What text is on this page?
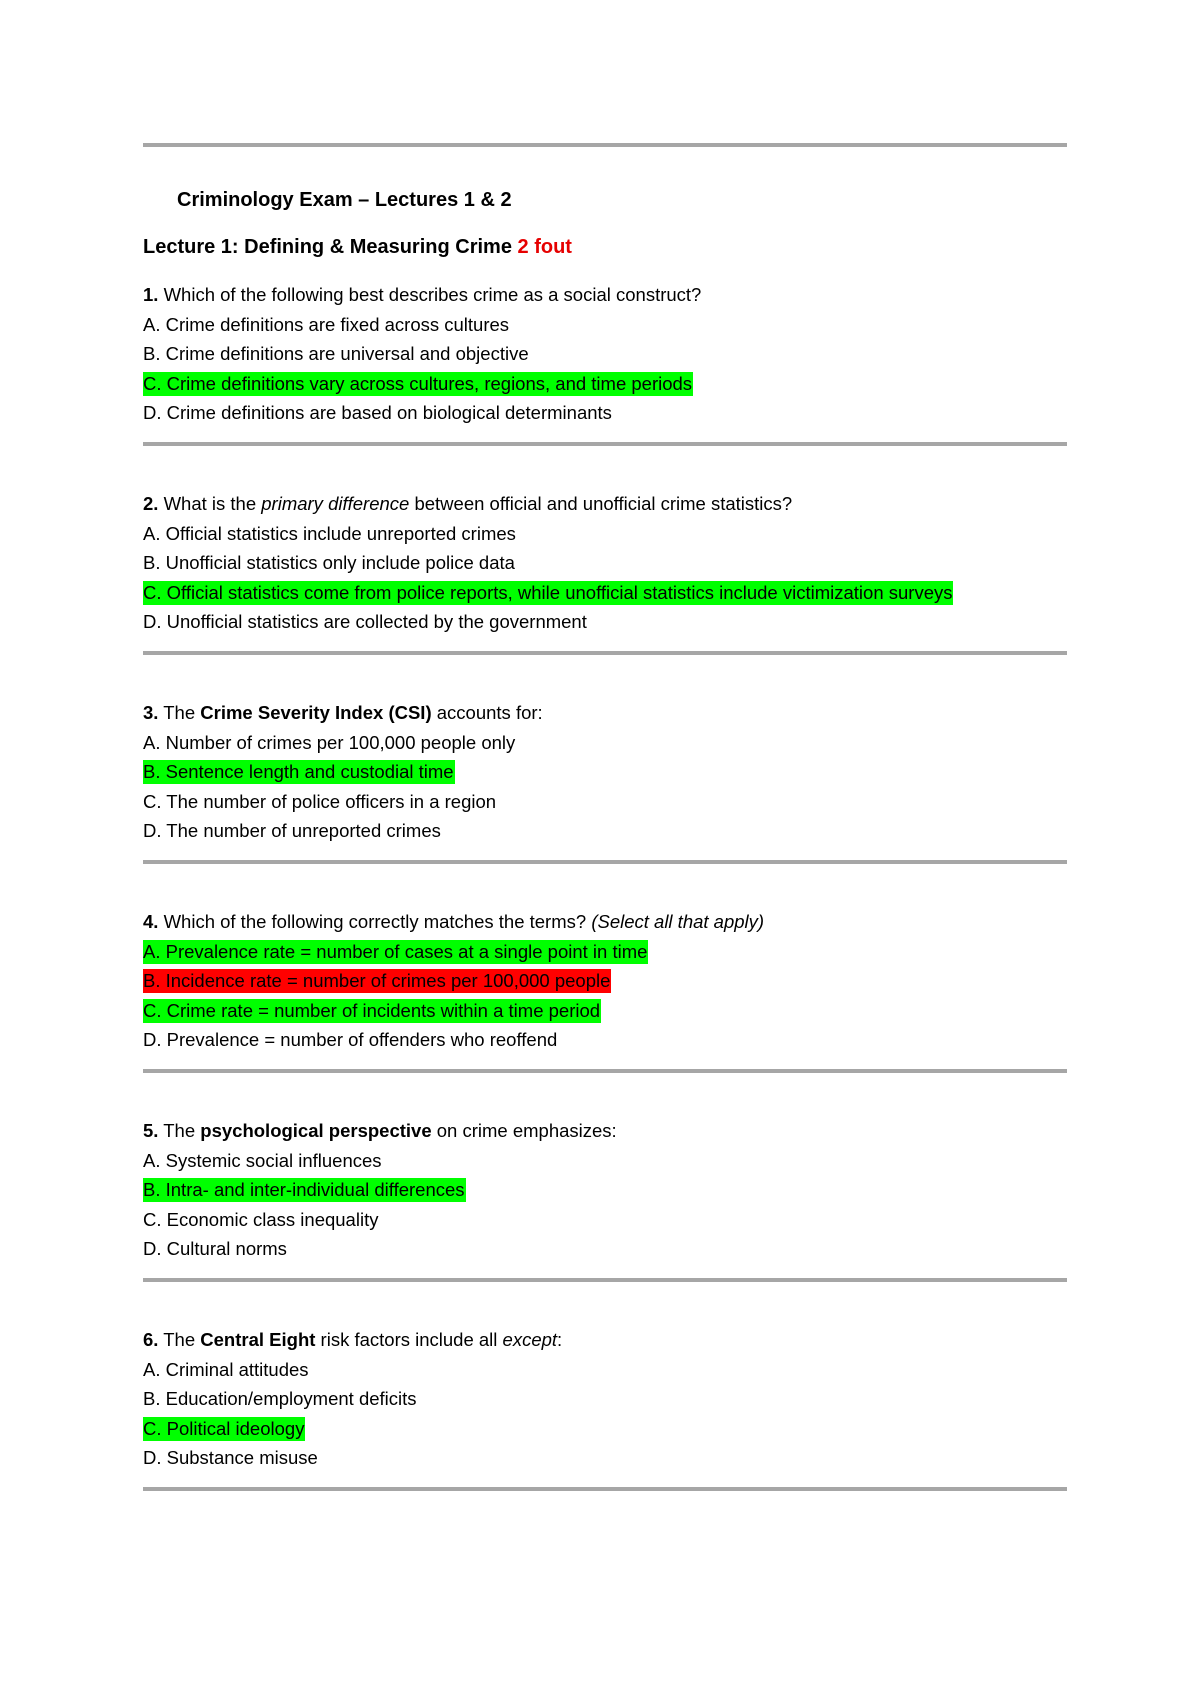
Criminology Exam – Lectures 1 & 2
Lecture 1: Defining & Measuring Crime 2 fout
1. Which of the following best describes crime as a social construct?
A. Crime definitions are fixed across cultures
B. Crime definitions are universal and objective
C. Crime definitions vary across cultures, regions, and time periods
D. Crime definitions are based on biological determinants
2. What is the primary difference between official and unofficial crime statistics?
A. Official statistics include unreported crimes
B. Unofficial statistics only include police data
C. Official statistics come from police reports, while unofficial statistics include victimization surveys
D. Unofficial statistics are collected by the government
3. The Crime Severity Index (CSI) accounts for:
A. Number of crimes per 100,000 people only
B. Sentence length and custodial time
C. The number of police officers in a region
D. The number of unreported crimes
4. Which of the following correctly matches the terms? (Select all that apply)
A. Prevalence rate = number of cases at a single point in time
B. Incidence rate = number of crimes per 100,000 people
C. Crime rate = number of incidents within a time period
D. Prevalence = number of offenders who reoffend
5. The psychological perspective on crime emphasizes:
A. Systemic social influences
B. Intra- and inter-individual differences
C. Economic class inequality
D. Cultural norms
6. The Central Eight risk factors include all except:
A. Criminal attitudes
B. Education/employment deficits
C. Political ideology
D. Substance misuse
